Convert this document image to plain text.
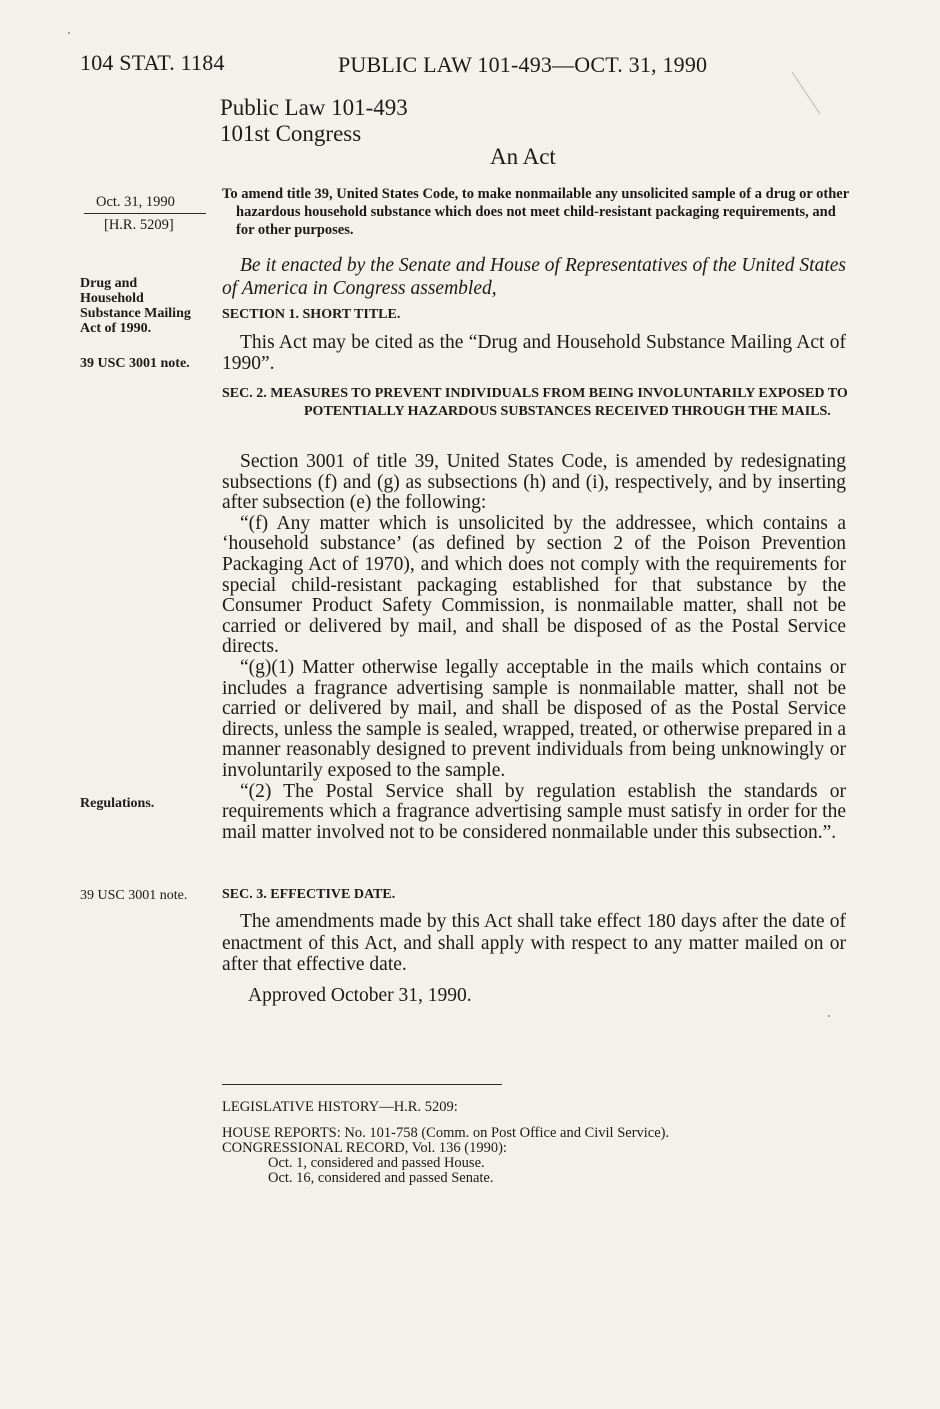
104 STAT. 1184	PUBLIC LAW 101-493—OCT. 31, 1990
Public Law 101-493
101st Congress
An Act
Oct. 31, 1990
[H.R. 5209]
To amend title 39, United States Code, to make nonmailable any unsolicited sample of a drug or other hazardous household substance which does not meet child-resistant packaging requirements, and for other purposes.
Drug and Household Substance Mailing Act of 1990.
39 USC 3001 note.
Regulations.
39 USC 3001 note.
Be it enacted by the Senate and House of Representatives of the United States of America in Congress assembled,
SECTION 1. SHORT TITLE.

This Act may be cited as the “Drug and Household Substance Mailing Act of 1990”.

SEC. 2. MEASURES TO PREVENT INDIVIDUALS FROM BEING INVOLUNTARILY EXPOSED TO POTENTIALLY HAZARDOUS SUBSTANCES RECEIVED THROUGH THE MAILS.

Section 3001 of title 39, United States Code, is amended by redesignating subsections (f) and (g) as subsections (h) and (i), respectively, and by inserting after subsection (e) the following:

“(f) Any matter which is unsolicited by the addressee, which contains a ‘household substance’ (as defined by section 2 of the Poison Prevention Packaging Act of 1970), and which does not comply with the requirements for special child-resistant packaging established for that substance by the Consumer Product Safety Commission, is nonmailable matter, shall not be carried or delivered by mail, and shall be disposed of as the Postal Service directs.

“(g)(1) Matter otherwise legally acceptable in the mails which contains or includes a fragrance advertising sample is nonmailable matter, shall not be carried or delivered by mail, and shall be disposed of as the Postal Service directs, unless the sample is sealed, wrapped, treated, or otherwise prepared in a manner reasonably designed to prevent individuals from being unknowingly or involuntarily exposed to the sample.

“(2) The Postal Service shall by regulation establish the standards or requirements which a fragrance advertising sample must satisfy in order for the mail matter involved not to be considered nonmailable under this subsection.”.

SEC. 3. EFFECTIVE DATE.

The amendments made by this Act shall take effect 180 days after the date of enactment of this Act, and shall apply with respect to any matter mailed on or after that effective date.

Approved October 31, 1990.
LEGISLATIVE HISTORY—H.R. 5209:
HOUSE REPORTS: No. 101-758 (Comm. on Post Office and Civil Service).
CONGRESSIONAL RECORD, Vol. 136 (1990):
Oct. 1, considered and passed House.
Oct. 16, considered and passed Senate.
